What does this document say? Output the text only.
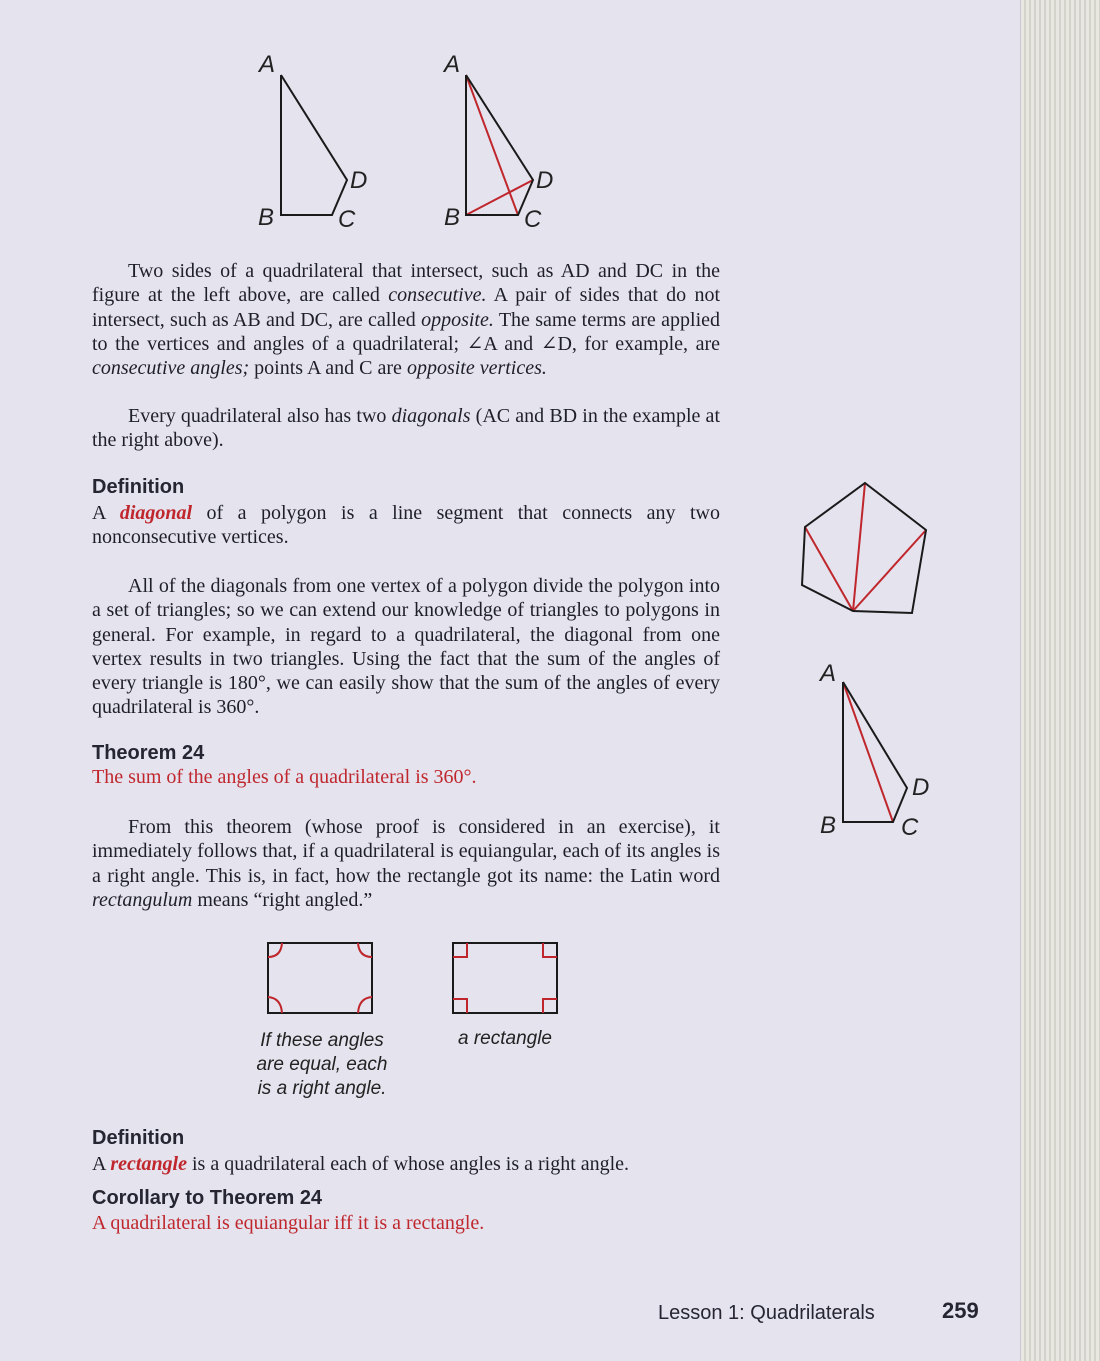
A
D
B	C
A
D
B	C

Two sides of a quadrilateral that intersect, such as AD and DC in the figure at the left above, are called consecutive. A pair of sides that do not intersect, such as AB and DC, are called opposite. The same terms are applied to the vertices and angles of a quadrilateral; ∠A and ∠D, for example, are consecutive angles; points A and C are opposite vertices.

Every quadrilateral also has two diagonals (AC and BD in the example at the right above).

Definition

A diagonal of a polygon is a line segment that connects any two nonconsecutive vertices.

All of the diagonals from one vertex of a polygon divide the polygon into a set of triangles; so we can extend our knowledge of triangles to polygons in general. For example, in regard to a quadrilateral, the diagonal from one vertex results in two triangles. Using the fact that the sum of the angles of every triangle is 180°, we can easily show that the sum of the angles of every quadrilateral is 360°.

Theorem 24

The sum of the angles of a quadrilateral is 360°.

A
D
B	C

From this theorem (whose proof is considered in an exercise), it immediately follows that, if a quadrilateral is equiangular, each of its angles is a right angle. This is, in fact, how the rectangle got its name: the Latin word rectangulum means “right angled.”

If these angles
are equal, each
is a right angle.

a rectangle

Definition

A rectangle is a quadrilateral each of whose angles is a right angle.

Corollary to Theorem 24

A quadrilateral is equiangular iff it is a rectangle.

Lesson 1: Quadrilaterals	259
